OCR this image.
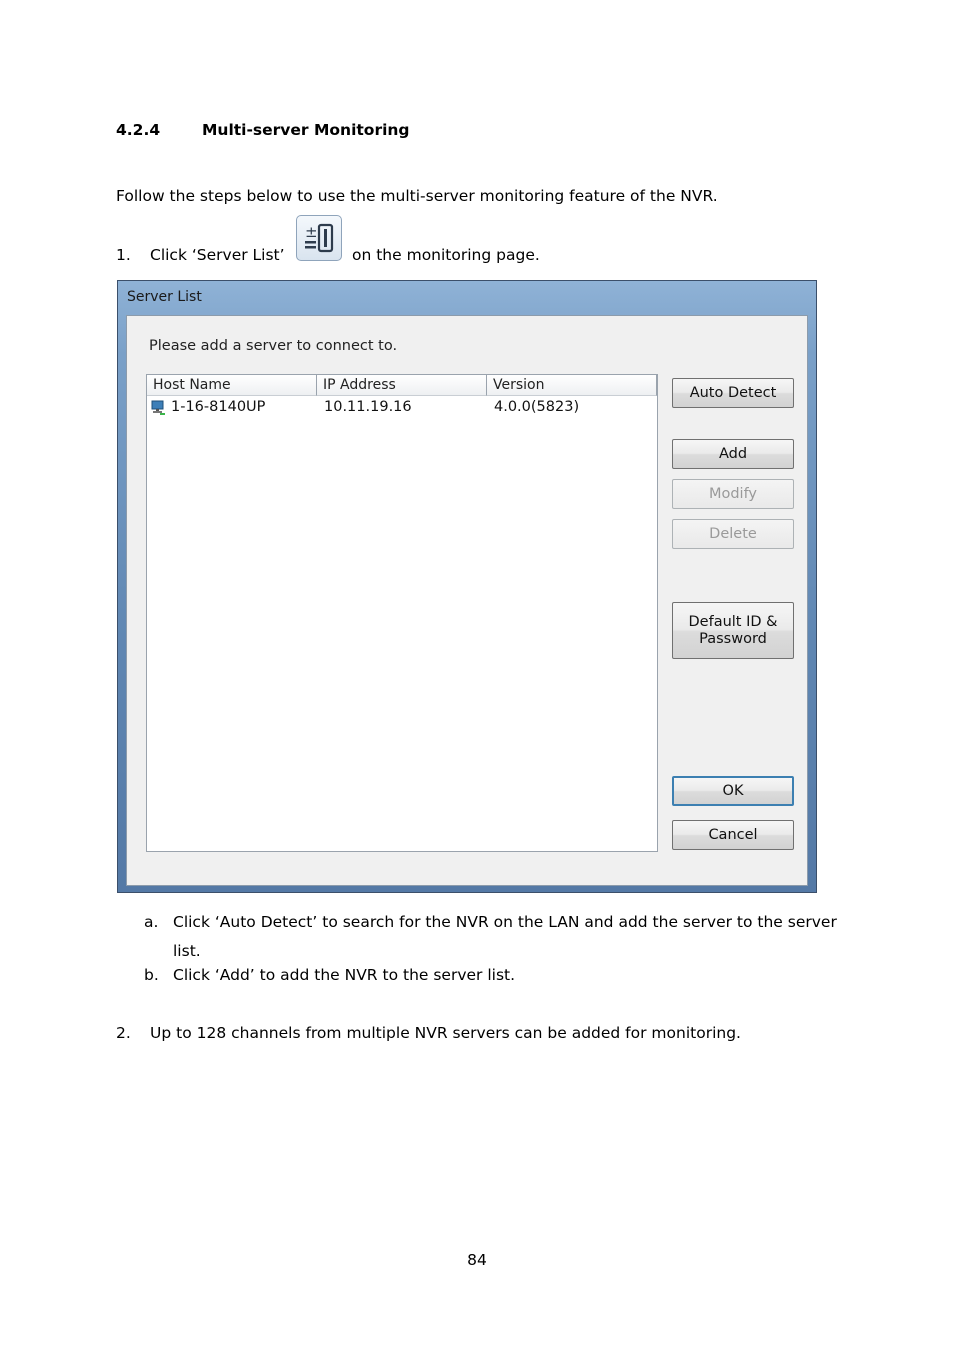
4.2.4	Multi-server Monitoring
Follow the steps below to use the multi-server monitoring feature of the NVR.
1. Click ‘Server List’	on the monitoring page.
±
Server List
Please add a server to connect to.
Host Name	IP Address	Version
1-16-8140UP	10.11.19.16	4.0.0(5823)
Auto Detect
Add
Modify
Delete
Default ID &
Password
OK
Cancel
a. Click ‘Auto Detect’ to search for the NVR on the LAN and add the server to the server
list.
b. Click ‘Add’ to add the NVR to the server list.
2. Up to 128 channels from multiple NVR servers can be added for monitoring.
84
